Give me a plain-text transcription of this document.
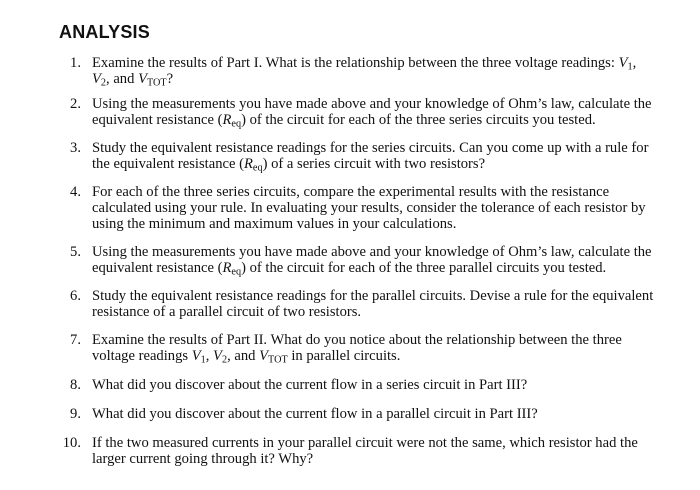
ANALYSIS
1. Examine the results of Part I. What is the relationship between the three voltage readings: $V_1$,
$V_2$, and $V_{TOT}$?
2. Using the measurements you have made above and your knowledge of Ohm’s law, calculate the equivalent resistance $(R_{eq})$ of the circuit for each of the three series circuits you tested.
3. Study the equivalent resistance readings for the series circuits. Can you come up with a rule for the equivalent resistance $(R_{eq})$ of a series circuit with two resistors?
4. For each of the three series circuits, compare the experimental results with the resistance calculated using your rule. In evaluating your results, consider the tolerance of each resistor by using the minimum and maximum values in your calculations.
5. Using the measurements you have made above and your knowledge of Ohm’s law, calculate the equivalent resistance $(R_{eq})$ of the circuit for each of the three parallel circuits you tested.
6. Study the equivalent resistance readings for the parallel circuits. Devise a rule for the equivalent resistance of a parallel circuit of two resistors.
7. Examine the results of Part II. What do you notice about the relationship between the three voltage readings $V_1$, $V_2$, and $V_{TOT}$ in parallel circuits.
8. What did you discover about the current flow in a series circuit in Part III?
9. What did you discover about the current flow in a parallel circuit in Part III?
10. If the two measured currents in your parallel circuit were not the same, which resistor had the larger current going through it? Why?
